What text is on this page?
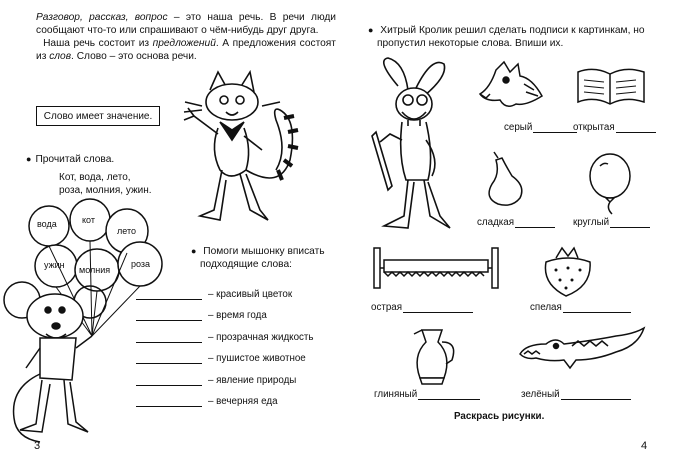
Разговор, рассказ, вопрос – это наша речь. В речи люди сообщают что-то или спрашивают о чём-нибудь друг друга.

Наша речь состоит из предложений. А предложения состоят из слов. Слово – это основа речи.

Слово имеет значение.
● Прочитай слова.
Кот, вода, лето,
роза, молния, ужин.
вода	кот
лето
ужин молния
роза
● Помоги мышонку вписать
подходящие слова:
– красивый цветок
– время года
– прозрачная жидкость
– пушистое животное
– явление природы
– вечерняя еда
3
● Хитрый Кролик решил сделать подписи к картинкам, но
пропустил некоторые слова. Впиши их.
серый	открытая
сладкая	круглый
острая	спелая
глиняный	зелёный
Раскрась рисунки.
4
